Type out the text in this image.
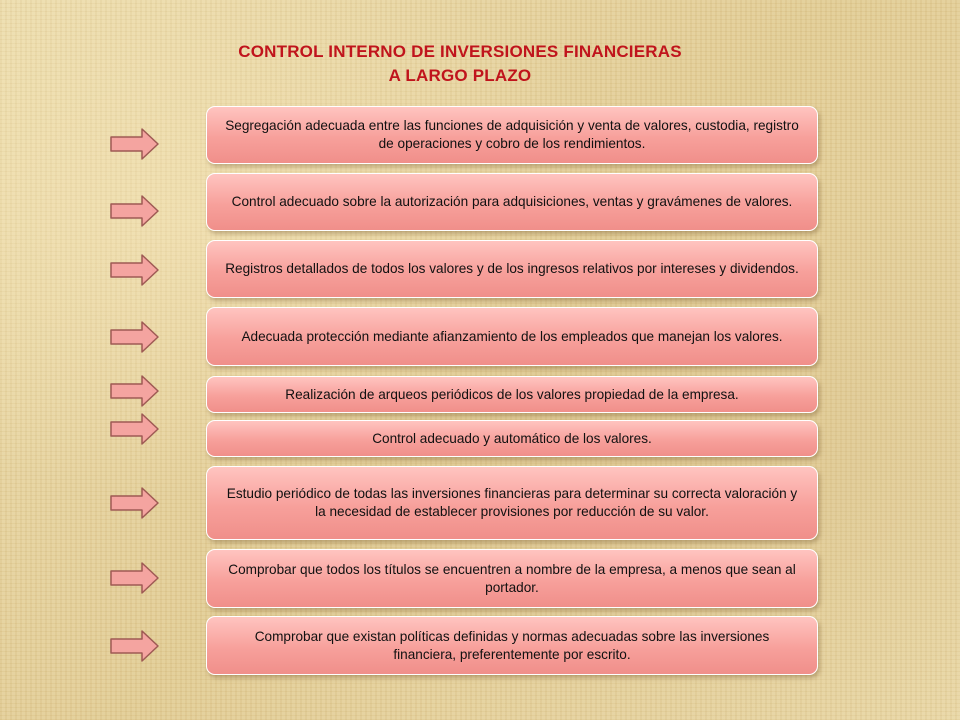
CONTROL INTERNO DE INVERSIONES FINANCIERAS
A LARGO PLAZO
Segregación adecuada entre las funciones de adquisición y venta de valores, custodia, registro de operaciones y cobro de los rendimientos.
Control adecuado sobre la autorización para adquisiciones, ventas y gravámenes de valores.
Registros detallados de todos los valores y de los ingresos relativos por intereses y dividendos.
Adecuada protección mediante afianzamiento de los empleados que manejan los valores.
Realización de arqueos periódicos de los valores propiedad de la empresa.
Control adecuado y automático de los valores.
Estudio periódico de todas las inversiones financieras para determinar su correcta valoración y la necesidad de establecer provisiones por reducción de su valor.
Comprobar que todos los títulos se encuentren a nombre de la empresa, a menos que sean al portador.
Comprobar que existan políticas definidas y normas adecuadas sobre las inversiones financiera, preferentemente por escrito.
